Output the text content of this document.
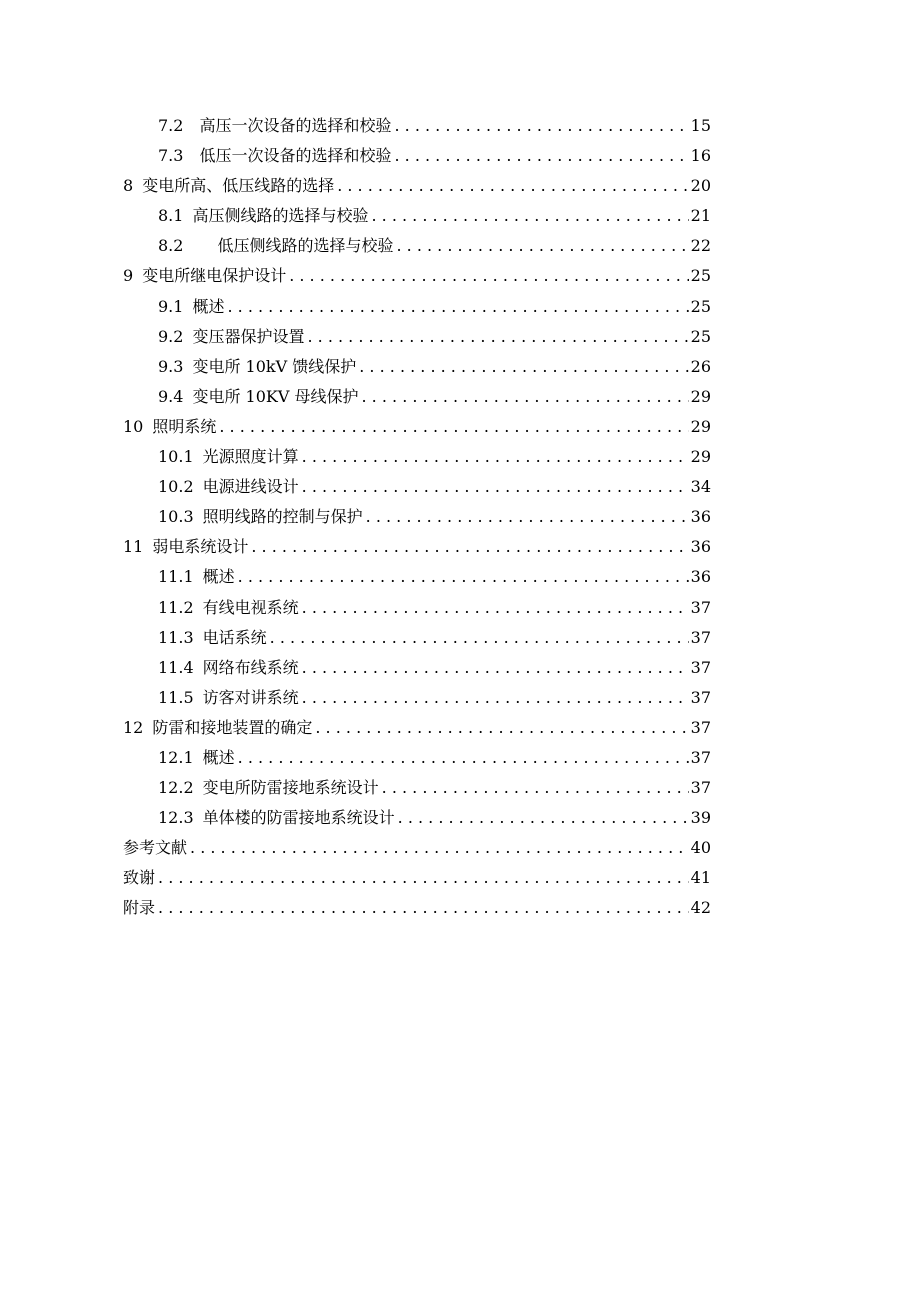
7.2 高压一次设备的选择和校验 . . .	15
7.3 低压一次设备的选择和校验 . . .	16
8 变电所高、低压线路的选择 . . .	20
8.1 高压侧线路的选择与校验 . . .	21
8.2 低压侧线路的选择与校验 . . .	22
9 变电所继电保护设计 . . .	25
9.1 概述 . . .	25
9.2 变压器保护设置 . . .	25
9.3 变电所 10kV 馈线保护 . . .	26
9.4 变电所 10KV 母线保护 . . .	29
10 照明系统 . . .	29
10.1 光源照度计算 . . .	29
10.2 电源进线设计 . . .	34
10.3 照明线路的控制与保护 . . .	36
11 弱电系统设计 . . .	36
11.1 概述 . . .	36
11.2 有线电视系统 . . .	37
11.3 电话系统 . . .	37
11.4 网络布线系统 . . .	37
11.5 访客对讲系统 . . .	37
12 防雷和接地装置的确定 . . .	37
12.1 概述 . . .	37
12.2 变电所防雷接地系统设计 . . .	37
12.3 单体楼的防雷接地系统设计 . . .	39
参考文献 . . .	40
致谢 . . .	41
附录 . . .	42
